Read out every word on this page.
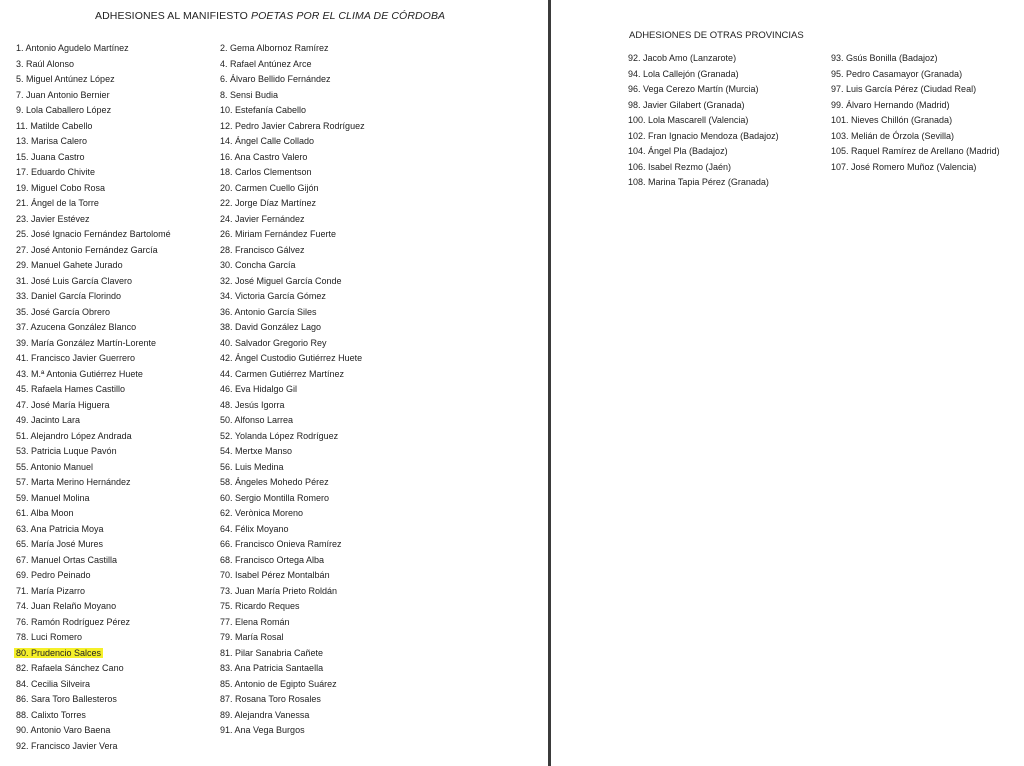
ADHESIONES AL MANIFIESTO POETAS POR EL CLIMA DE CÓRDOBA
1. Antonio Agudelo Martínez
3. Raúl Alonso
5. Miguel Antúnez López
7. Juan Antonio Bernier
9. Lola Caballero López
11. Matilde Cabello
13. Marisa Calero
15. Juana Castro
17. Eduardo Chivite
19. Miguel Cobo Rosa
21. Ángel de la Torre
23. Javier Estévez
25. José Ignacio Fernández Bartolomé
27. José Antonio Fernández García
29. Manuel Gahete Jurado
31. José Luis García Clavero
33. Daniel García Florindo
35. José García Obrero
37. Azucena González Blanco
39. María González Martín-Lorente
41. Francisco Javier Guerrero
43. M.ª Antonia Gutiérrez Huete
45. Rafaela Hames Castillo
47. José María Higuera
49. Jacinto Lara
51. Alejandro López Andrada
53. Patricia Luque Pavón
55. Antonio Manuel
57. Marta Merino Hernández
59. Manuel Molina
61. Alba Moon
63. Ana Patricia Moya
65. María José Mures
67. Manuel Ortas Castilla
69. Pedro Peinado
71. María Pizarro
74. Juan Relaño Moyano
76. Ramón Rodríguez Pérez
78. Luci Romero
80. Prudencio Salces
82. Rafaela Sánchez Cano
84. Cecilia Silveira
86. Sara Toro Ballesteros
88. Calixto Torres
90. Antonio Varo Baena
92. Francisco Javier Vera
2. Gema Albornoz Ramírez
4. Rafael Antúnez Arce
6. Álvaro Bellido Fernández
8. Sensi Budia
10. Estefanía Cabello
12. Pedro Javier Cabrera Rodríguez
14. Ángel Calle Collado
16. Ana Castro Valero
18. Carlos Clementson
20. Carmen Cuello Gijón
22. Jorge Díaz Martínez
24. Javier Fernández
26. Miriam Fernández Fuerte
28. Francisco Gálvez
30. Concha García
32. José Miguel García Conde
34. Victoria García Gómez
36. Antonio García Siles
38. David González Lago
40. Salvador Gregorio Rey
42. Ángel Custodio Gutiérrez Huete
44. Carmen Gutiérrez Martínez
46. Eva Hidalgo Gil
48. Jesús Igorra
50. Alfonso Larrea
52. Yolanda López Rodríguez
54. Mertxe Manso
56. Luis Medina
58. Ángeles Mohedo Pérez
60. Sergio Montilla Romero
62. Verònica Moreno
64. Félix Moyano
66. Francisco Onieva Ramírez
68. Francisco Ortega Alba
70. Isabel Pérez Montalbán
73. Juan María Prieto Roldán
75. Ricardo Reques
77. Elena Román
79. María Rosal
81. Pilar Sanabria Cañete
83. Ana Patricia Santaella
85. Antonio de Egipto Suárez
87. Rosana Toro Rosales
89. Alejandra Vanessa
91. Ana Vega Burgos
ADHESIONES DE OTRAS PROVINCIAS
92. Jacob Amo (Lanzarote)
94. Lola Callejón (Granada)
96. Vega Cerezo Martín (Murcia)
98. Javier Gilabert (Granada)
100. Lola Mascarell (Valencia)
102. Fran Ignacio Mendoza (Badajoz)
104. Ángel Pla (Badajoz)
106. Isabel Rezmo (Jaén)
108. Marina Tapia Pérez (Granada)
93. Gsús Bonilla (Badajoz)
95. Pedro Casamayor (Granada)
97. Luis García Pérez (Ciudad Real)
99. Álvaro Hernando (Madrid)
101. Nieves Chillón (Granada)
103. Melián de Órzola (Sevilla)
105. Raquel Ramírez de Arellano (Madrid)
107. José Romero Muñoz (Valencia)
